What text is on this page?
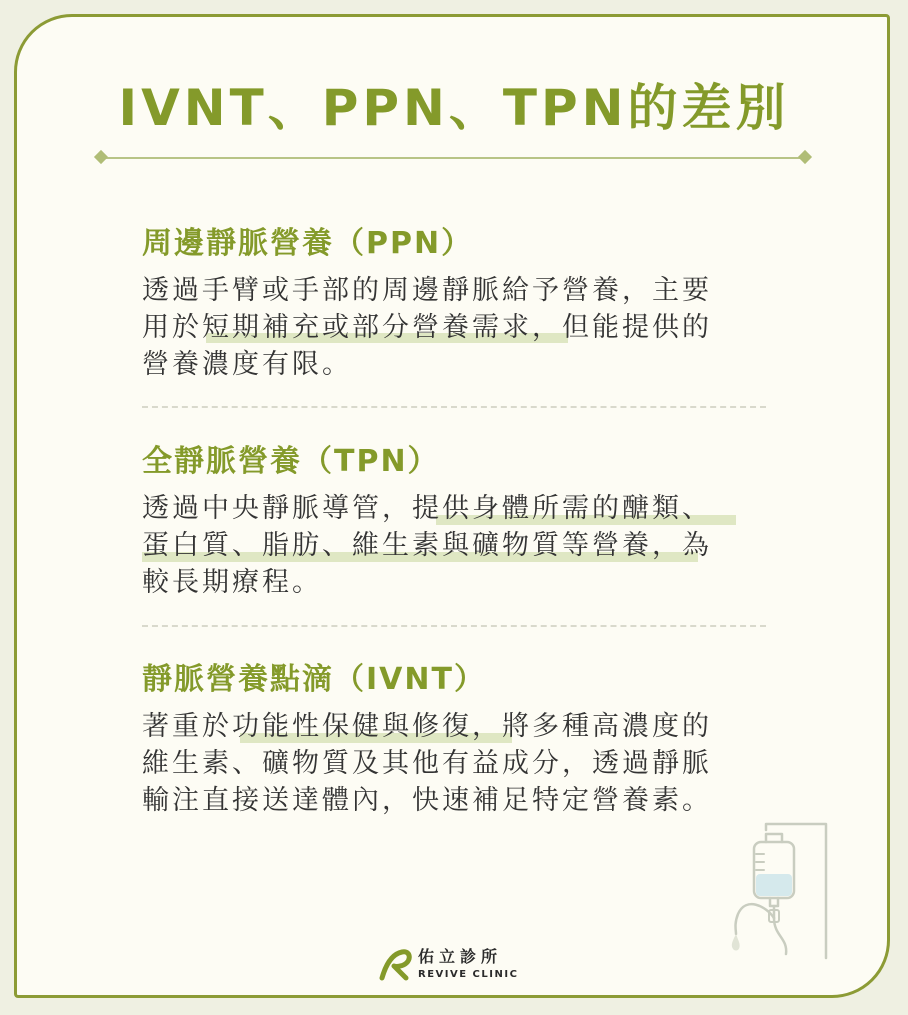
IVNT、PPN、TPN的差別
周邊靜脈營養（PPN）
透過手臂或手部的周邊靜脈給予營養，主要
用於短期補充或部分營養需求，但能提供的
營養濃度有限。
全靜脈營養（TPN）
透過中央靜脈導管，提供身體所需的醣類、
蛋白質、脂肪、維生素與礦物質等營養，為
較長期療程。
靜脈營養點滴（IVNT）
著重於功能性保健與修復，將多種高濃度的
維生素、礦物質及其他有益成分，透過靜脈
輸注直接送達體內，快速補足特定營養素。
佑立診所
REVIVE CLINIC
